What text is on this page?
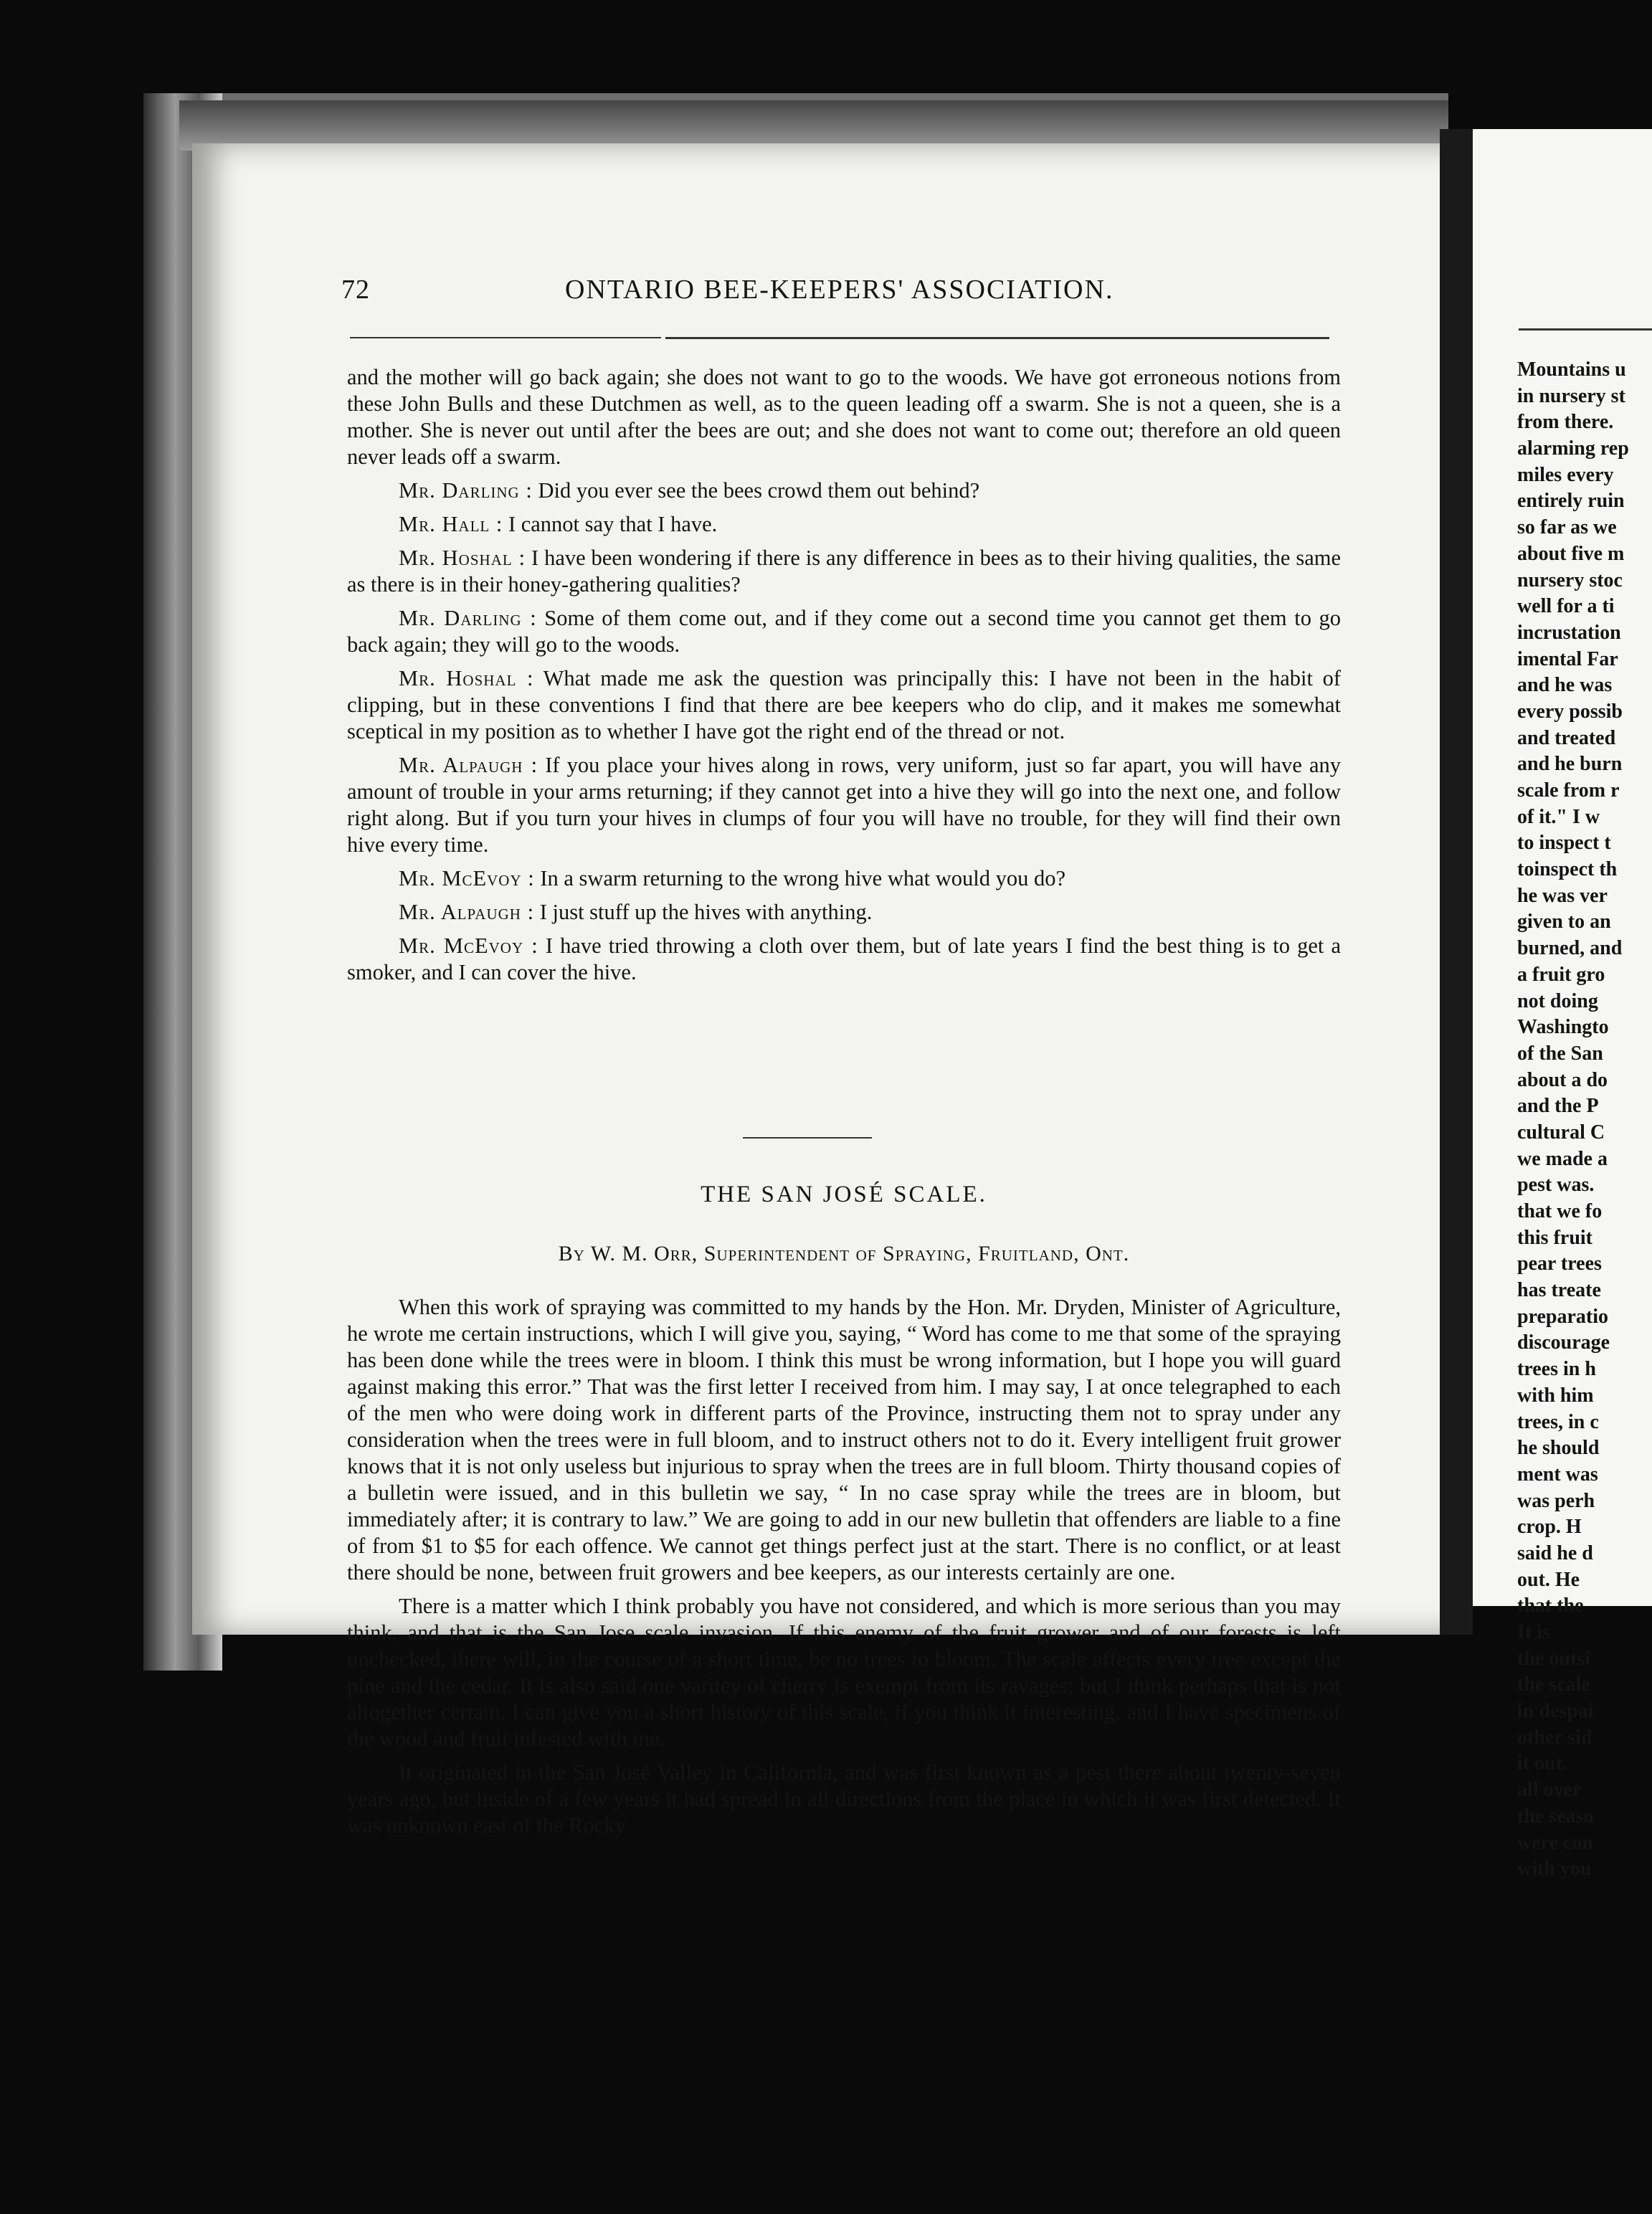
72	ONTARIO BEE-KEEPERS' ASSOCIATION.

and the mother will go back again; she does not want to go to the woods. We have got erroneous notions from these John Bulls and these Dutchmen as well, as to the queen leading off a swarm. She is not a queen, she is a mother. She is never out until after the bees are out; and she does not want to come out; therefore an old queen never leads off a swarm.

Mr. Darling : Did you ever see the bees crowd them out behind?

Mr. Hall : I cannot say that I have.

Mr. Hoshal : I have been wondering if there is any difference in bees as to their hiving qualities, the same as there is in their honey-gathering qualities?

Mr. Darling : Some of them come out, and if they come out a second time you cannot get them to go back again; they will go to the woods.

Mr. Hoshal : What made me ask the question was principally this: I have not been in the habit of clipping, but in these conventions I find that there are bee keepers who do clip, and it makes me somewhat sceptical in my position as to whether I have got the right end of the thread or not.

Mr. Alpaugh : If you place your hives along in rows, very uniform, just so far apart, you will have any amount of trouble in your arms returning; if they cannot get into a hive they will go into the next one, and follow right along. But if you turn your hives in clumps of four you will have no trouble, for they will find their own hive every time.

Mr. McEvoy : In a swarm returning to the wrong hive what would you do?

Mr. Alpaugh : I just stuff up the hives with anything.

Mr. McEvoy : I have tried throwing a cloth over them, but of late years I find the best thing is to get a smoker, and I can cover the hive.

THE SAN JOSÉ SCALE.
By W. M. Orr, Superintendent of Spraying, Fruitland, Ont.

When this work of spraying was committed to my hands by the Hon. Mr. Dryden, Minister of Agriculture, he wrote me certain instructions, which I will give you, saying, “ Word has come to me that some of the spraying has been done while the trees were in bloom. I think this must be wrong information, but I hope you will guard against making this error.” That was the first letter I received from him. I may say, I at once telegraphed to each of the men who were doing work in different parts of the Province, instructing them not to spray under any consideration when the trees were in full bloom, and to instruct others not to do it. Every intelligent fruit grower knows that it is not only useless but injurious to spray when the trees are in full bloom. Thirty thousand copies of a bulletin were issued, and in this bulletin we say, “ In no case spray while the trees are in bloom, but immediately after; it is contrary to law.” We are going to add in our new bulletin that offenders are liable to a fine of from $1 to $5 for each offence. We cannot get things perfect just at the start. There is no conflict, or at least there should be none, between fruit growers and bee keepers, as our interests certainly are one.

There is a matter which I think probably you have not considered, and which is more serious than you may think, and that is the San Jose scale invasion. If this enemy of the fruit grower and of our forests is left unchecked, there will, in the course of a short time, be no trees to bloom. The scale affects every tree except the pine and the cedar. It is also said one varitey of cherry is exempt from its ravages; but I think perhaps that is not altogether certain. I can give you a short history of this scale, if you think it interesting, and I have specimens of the wood and fruit infested with me.

It originated in the San José Valley in California, and was first known as a pest there about twenty-seven years ago, but inside of a few years it had spread in all directions from the place in which it was first detected. It was unknown east of the Rocky

Mountains u
in nursery st
from there.
alarming rep
miles every
entirely ruin
so far as we
about five m
nursery stoc
well for a ti
incrustation
imental Far
and he was
every possib
and treated
and he burn
scale from r
of it." I w
to inspect t
toinspect th
he was ver
given to an
burned, and
a fruit gro
not doing
Washingto
of the San
about a do
and the P
cultural C
we made a
pest was.
that we fo
this fruit
pear trees
has treate
preparatio
discourage
trees in h
with him
trees, in c
he should
ment was
was perh
crop. H
said he d
out. He
that the
It is
the outsi
the scale
in despai
other sid
it out.
all over
the seaso
were con
with you
